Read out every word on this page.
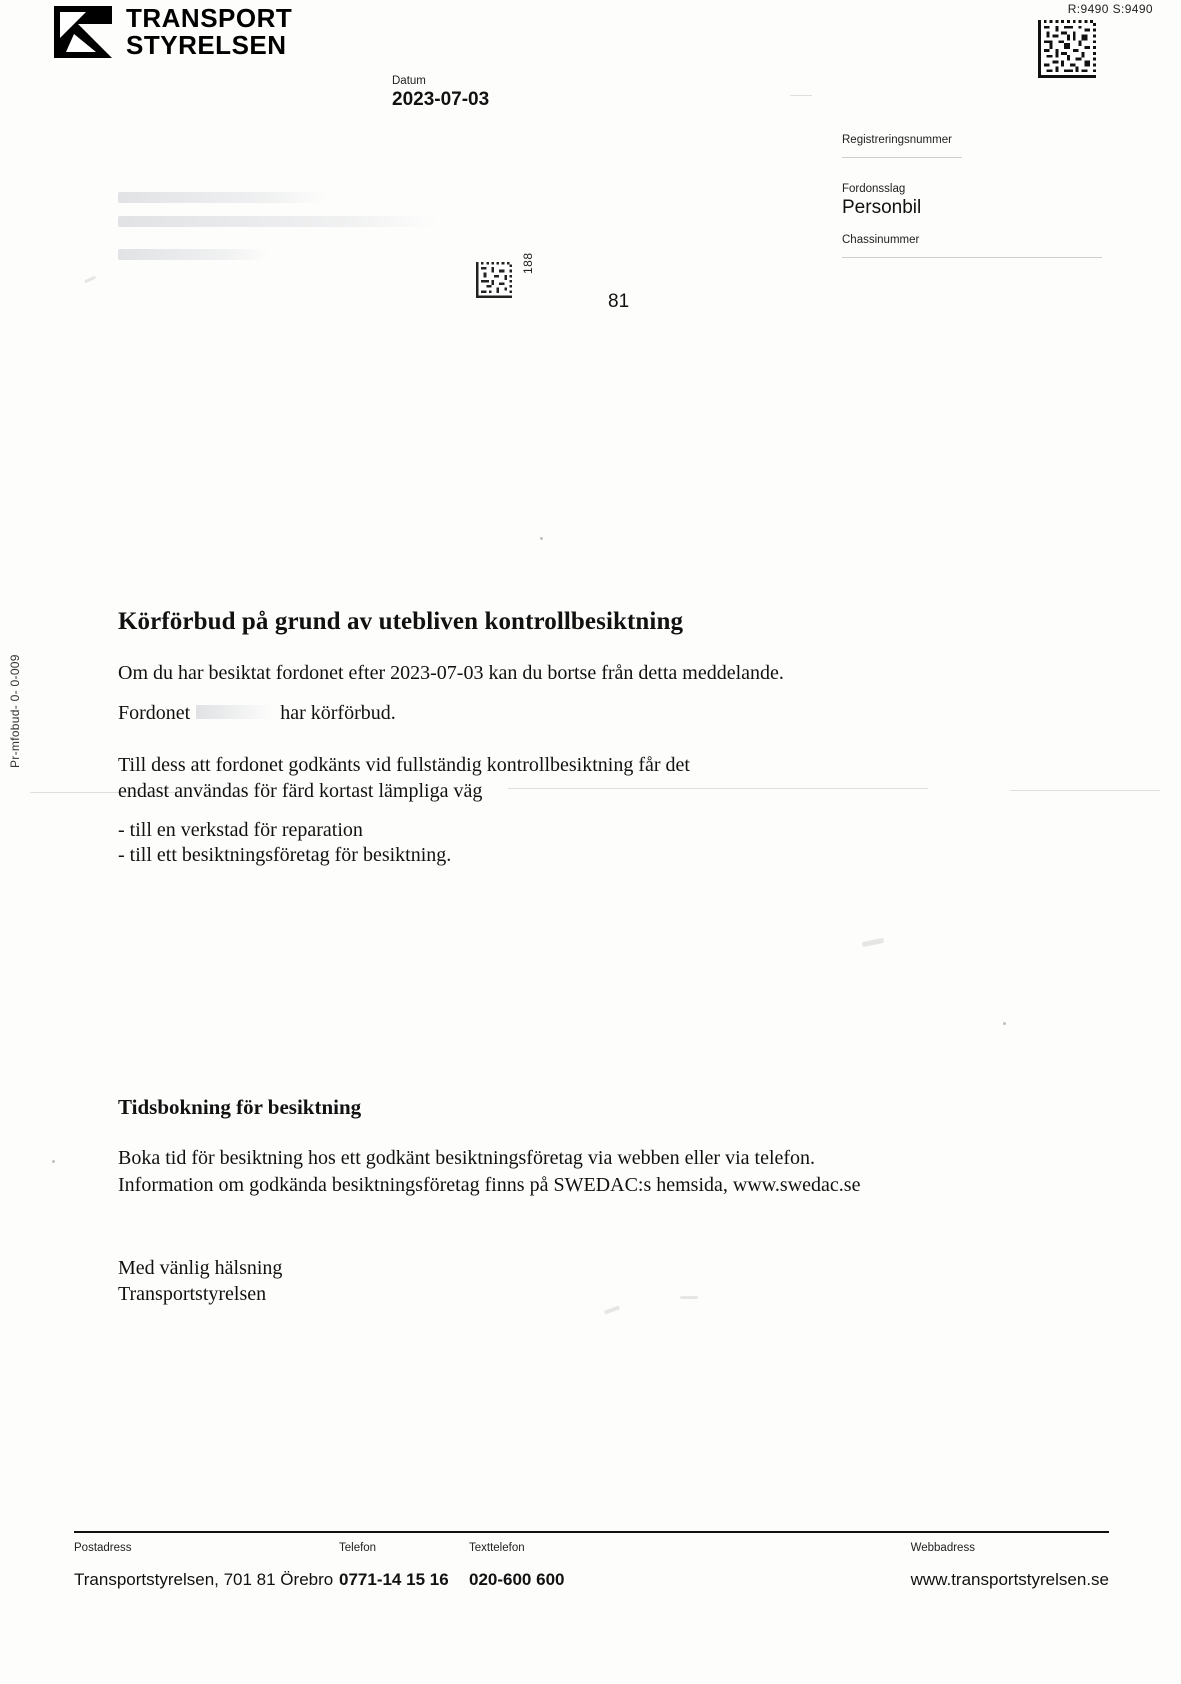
TRANSPORT
STYRELSEN
R:9490 S:9490
Datum
2023-07-03
Registreringsnummer
Fordonsslag
Personbil
Chassinummer
188
81
Pr-mfobud- 0- 0-009
Körförbud på grund av utebliven kontrollbesiktning
Om du har besiktat fordonet efter 2023-07-03 kan du bortse från detta meddelande.
Fordonet	har körförbud.
Till dess att fordonet godkänts vid fullständig kontrollbesiktning får det
endast användas för färd kortast lämpliga väg
- till en verkstad för reparation
- till ett besiktningsföretag för besiktning.
Tidsbokning för besiktning
Boka tid för besiktning hos ett godkänt besiktningsföretag via webben eller via telefon.
Information om godkända besiktningsföretag finns på SWEDAC:s hemsida, www.swedac.se
Med vänlig hälsning
Transportstyrelsen
Postadress
Transportstyrelsen, 701 81 Örebro
Telefon
0771-14 15 16
Texttelefon
020-600 600
Webbadress
www.transportstyrelsen.se
